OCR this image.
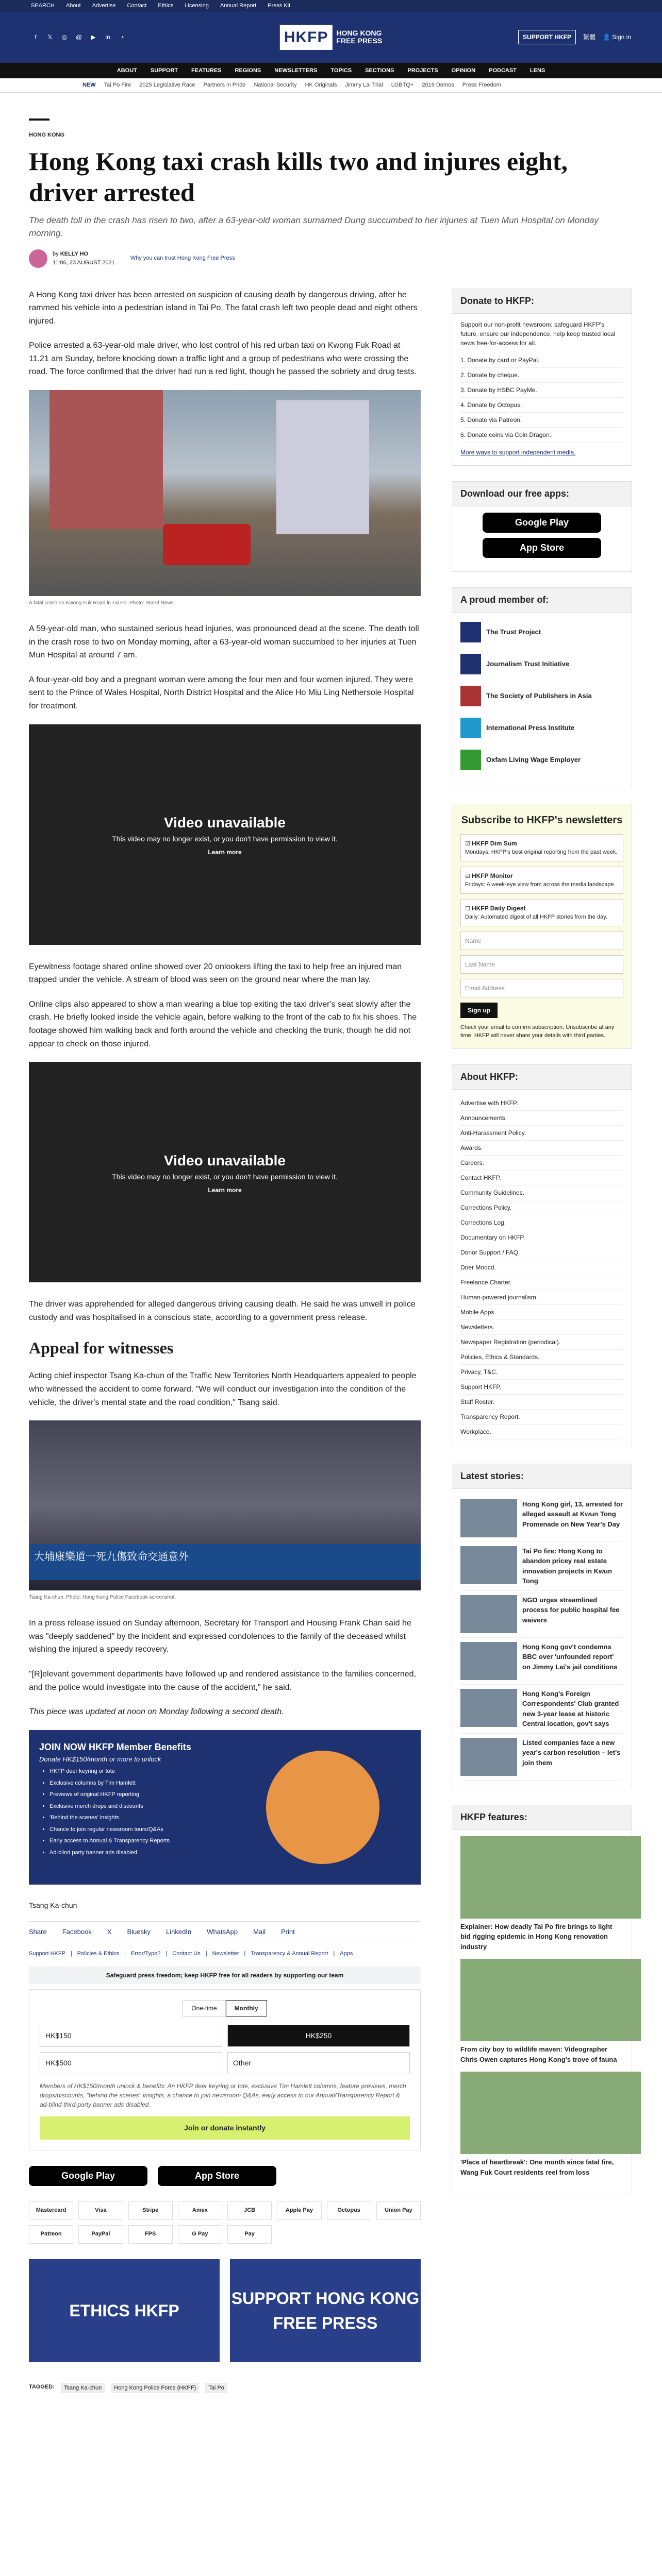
SEARCH About Advertise Contact Ethics Licensing Annual Report Press Kit
f	𝕏	◎	@	▶	in	◔	HKFP	HONG KONG
FREE PRESS	SUPPORT HKFP	繁體 👤 Sign in
ABOUT SUPPORT FEATURES REGIONS NEWSLETTERS TOPICS SECTIONS PROJECTS OPINION PODCAST LENS
NEW Tai Po Fire 2025 Legislative Race Partners in Pride National Security HK Originals Jimmy Lai Trial LGBTQ+ 2019 Demos Press Freedom
HONG KONG
Hong Kong taxi crash kills two and injures eight, driver arrested
The death toll in the crash has risen to two, after a 63-year-old woman surnamed Dung succumbed to her injuries at Tuen Mun Hospital on Monday morning.
by KELLY HO
11:06, 23 AUGUST 2021
Why you can trust Hong Kong Free Press

A Hong Kong taxi driver has been arrested on suspicion of causing death by dangerous driving, after he rammed his vehicle into a pedestrian island in Tai Po. The fatal crash left two people dead and eight others injured.

Police arrested a 63-year-old male driver, who lost control of his red urban taxi on Kwong Fuk Road at 11.21 am Sunday, before knocking down a traffic light and a group of pedestrians who were crossing the road. The force confirmed that the driver had run a red light, though he passed the sobriety and drug tests.

A fatal crash on Kwong Fuk Road in Tai Po. Photo: Stand News.

A 59-year-old man, who sustained serious head injuries, was pronounced dead at the scene. The death toll in the crash rose to two on Monday morning, after a 63-year-old woman succumbed to her injuries at Tuen Mun Hospital at around 7 am.

A four-year-old boy and a pregnant woman were among the four men and four women injured. They were sent to the Prince of Wales Hospital, North District Hospital and the Alice Ho Miu Ling Nethersole Hospital for treatment.

Video unavailable
This video may no longer exist, or you don't have permission to view it.
Learn more

Eyewitness footage shared online showed over 20 onlookers lifting the taxi to help free an injured man trapped under the vehicle. A stream of blood was seen on the ground near where the man lay.

Online clips also appeared to show a man wearing a blue top exiting the taxi driver's seat slowly after the crash. He briefly looked inside the vehicle again, before walking to the front of the cab to fix his shoes. The footage showed him walking back and forth around the vehicle and checking the trunk, though he did not appear to check on those injured.

Video unavailable
This video may no longer exist, or you don't have permission to view it.
Learn more

The driver was apprehended for alleged dangerous driving causing death. He said he was unwell in police custody and was hospitalised in a conscious state, according to a government press release.

Appeal for witnesses

Acting chief inspector Tsang Ka-chun of the Traffic New Territories North Headquarters appealed to people who witnessed the accident to come forward. "We will conduct our investigation into the condition of the vehicle, the driver's mental state and the road condition," Tsang said.

大埔康樂道一死九傷致命交通意外
Tsang Ka-chun. Photo: Hong Kong Police Facebook screenshot.

In a press release issued on Sunday afternoon, Secretary for Transport and Housing Frank Chan said he was "deeply saddened" by the incident and expressed condolences to the family of the deceased whilst wishing the injured a speedy recovery.

"[R]elevant government departments have followed up and rendered assistance to the families concerned, and the police would investigate into the cause of the accident," he said.

This piece was updated at noon on Monday following a second death.

JOIN NOW HKFP Member Benefits
Donate HK$150/month or more to unlock
• HKFP deer keyring or tote
• Exclusive columns by Tim Hamlett
• Previews of original HKFP reporting
• Exclusive merch drops and discounts
• 'Behind the scenes' insights
• Chance to join regular newsroom tours/Q&As
• Early access to Annual & Transparency Reports
• Ad-blind party banner ads disabled
Tsang Ka-chun
Share Facebook X Bluesky LinkedIn WhatsApp Mail Print
Support HKFP | Policies & Ethics | Error/Typo? | Contact Us | Newsletter | Transparency & Annual Report | Apps
Safeguard press freedom; keep HKFP free for all readers by supporting our team
One-time	Monthly
HK$150	HK$250
HK$500	Other
Members of HK$150/month unlock & benefits: An HKFP deer keyring or tote, exclusive Tim Hamlett columns, feature previews, merch drops/discounts, "behind the scenes" insights, a chance to join newsroom Q&As, early access to our Annual/Transparency Report & ad-blind third-party banner ads disabled.
Join or donate instantly
Google Play	App Store
Mastercard	Visa	Stripe	Amex	JCB	Apple Pay	Octopus	Union Pay
Patreon	PayPal	FPS	G Pay	Pay
ETHICS HKFP
SUPPORT HONG KONG FREE PRESS
TAGGED:	Tsang Ka-chun	Hong Kong Police Force (HKPF)	Tai Po
Donate to HKFP:

Support our non-profit newsroom: safeguard HKFP's future, ensure our independence, help keep trusted local news free-for-access for all.

1. Donate by card or PayPal.
2. Donate by cheque.
3. Donate by HSBC PayMe.
4. Donate by Octopus.
5. Donate via Patreon.
6. Donate coins via Coin Dragon.

More ways to support independent media.

Download our free apps:
Google Play
App Store
A proud member of:
The Trust Project
Journalism Trust Initiative
The Society of Publishers in Asia
International Press Institute
Oxfam Living Wage Employer
Subscribe to HKFP's newsletters
☑ HKFP Dim Sum
Mondays: HKFP's best original reporting from the past week.
☑ HKFP Monitor
Fridays: A week-eye view from across the media landscape.
☐ HKFP Daily Digest
Daily: Automated digest of all HKFP stories from the day.
Name
Last Name
Email Address
Sign up

Check your email to confirm subscription. Unsubscribe at any time. HKFP will never share your details with third parties.

About HKFP:
Advertise with HKFP.
Announcements.
Anti-Harassment Policy.
Awards.
Careers.
Contact HKFP.
Community Guidelines.
Corrections Policy.
Corrections Log.
Documentary on HKFP.
Donor Support / FAQ.
Doer Moocd.
Freelance Charter.
Human-powered journalism.
Mobile Apps.
Newsletters.
Newspaper Registration (periodical).
Policies, Ethics & Standards.
Privacy, T&C.
Support HKFP.
Staff Roster.
Transparency Report.
Workplace.
Latest stories:
Hong Kong girl, 13, arrested for alleged assault at Kwun Tong Promenade on New Year's Day
Tai Po fire: Hong Kong to abandon pricey real estate innovation projects in Kwun Tong
NGO urges streamlined process for public hospital fee waivers
Hong Kong gov't condemns BBC over 'unfounded report' on Jimmy Lai's jail conditions
Hong Kong's Foreign Correspondents' Club granted new 3-year lease at historic Central location, gov't says
Listed companies face a new year's carbon resolution – let's join them
HKFP features:
Explainer: How deadly Tai Po fire brings to light bid rigging epidemic in Hong Kong renovation industry
From city boy to wildlife maven: Videographer Chris Owen captures Hong Kong's trove of fauna
'Place of heartbreak': One month since fatal fire, Wang Fuk Court residents reel from loss
